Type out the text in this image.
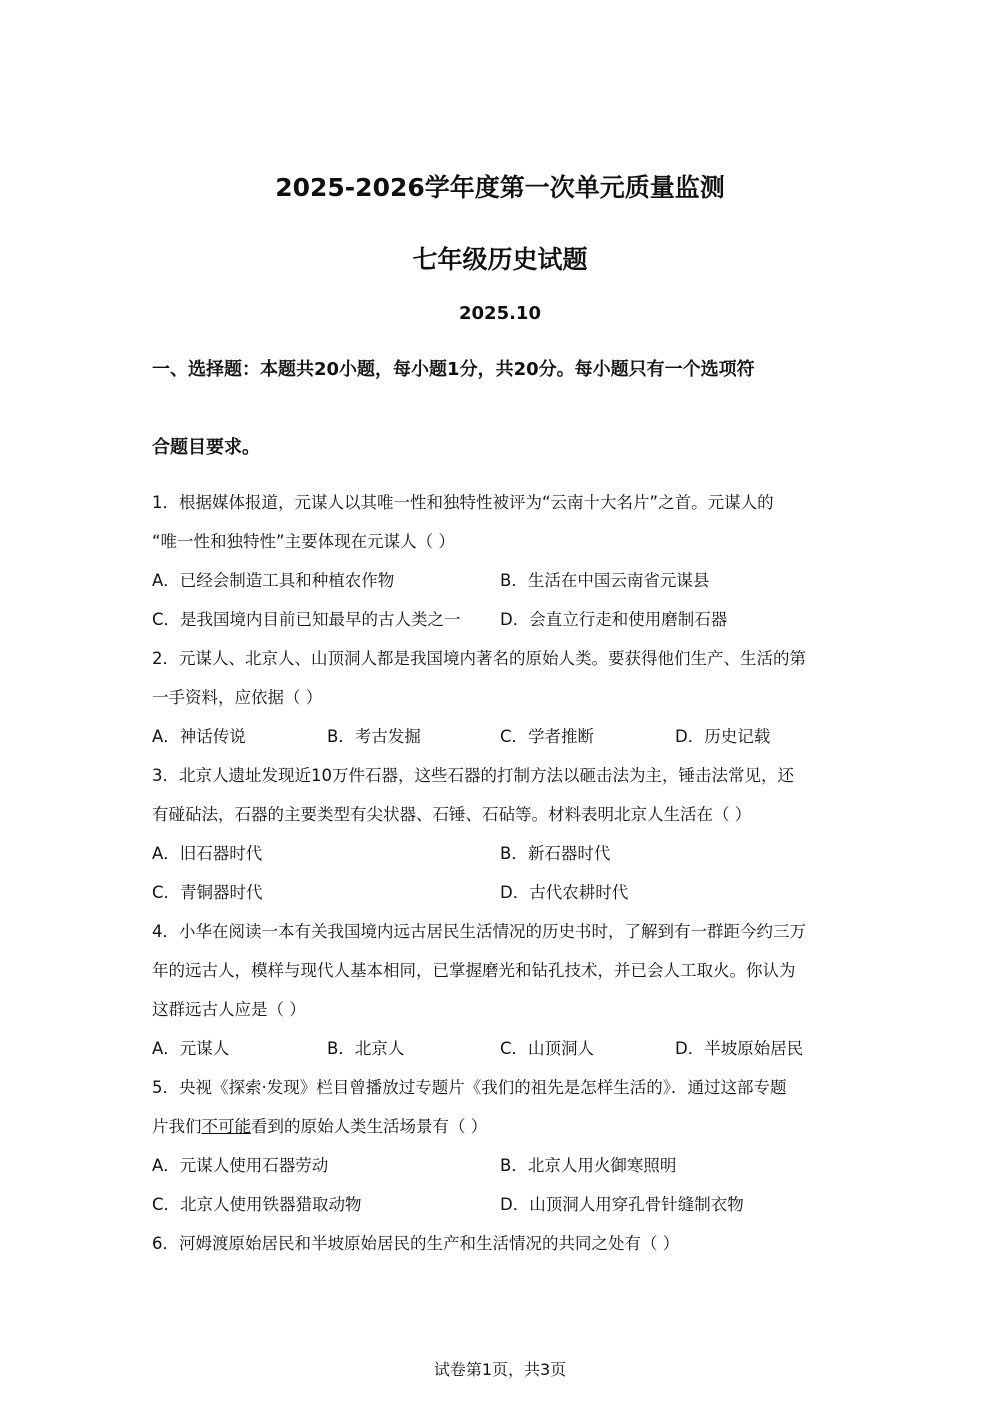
2025-2026学年度第一次单元质量监测
七年级历史试题
2025.10
一、选择题：本题共20小题，每小题1分，共20分。每小题只有一个选项符
合题目要求。
1．根据媒体报道，元谋人以其唯一性和独特性被评为“云南十大名片”之首。元谋人的
“唯一性和独特性”主要体现在元谋人（ ）
A．已经会制造工具和种植农作物	B．生活在中国云南省元谋县
C．是我国境内目前已知最早的古人类之一 D．会直立行走和使用磨制石器
2．元谋人、北京人、山顶洞人都是我国境内著名的原始人类。要获得他们生产、生活的第
一手资料，应依据（ ）
A．神话传说	B．考古发掘	C．学者推断	D．历史记载
3．北京人遗址发现近10万件石器，这些石器的打制方法以砸击法为主，锤击法常见，还
有碰砧法，石器的主要类型有尖状器、石锤、石砧等。材料表明北京人生活在（ ）
A．旧石器时代	B．新石器时代
C．青铜器时代	D．古代农耕时代
4．小华在阅读一本有关我国境内远古居民生活情况的历史书时，了解到有一群距今约三万
年的远古人，模样与现代人基本相同，已掌握磨光和钻孔技术，并已会人工取火。你认为
这群远古人应是（ ）
A．元谋人	B．北京人	C．山顶洞人	D．半坡原始居民
5．央视《探索·发现》栏目曾播放过专题片《我们的祖先是怎样生活的》．通过这部专题
片我们不可能看到的原始人类生活场景有（ ）
A．元谋人使用石器劳动	B．北京人用火御寒照明
C．北京人使用铁器猎取动物	D．山顶洞人用穿孔骨针缝制衣物
6．河姆渡原始居民和半坡原始居民的生产和生活情况的共同之处有（ ）
试卷第1页，共3页
